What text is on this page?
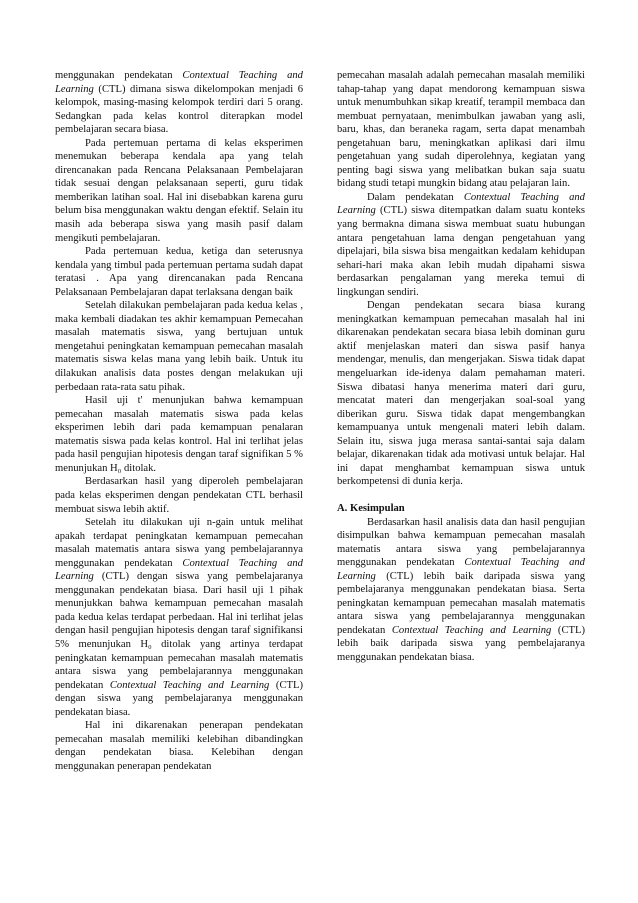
menggunakan pendekatan Contextual Teaching and Learning (CTL) dimana siswa dikelompokan menjadi 6 kelompok, masing-masing kelompok terdiri dari 5 orang. Sedangkan pada kelas kontrol diterapkan model pembelajaran secara biasa.

Pada pertemuan pertama di kelas eksperimen menemukan beberapa kendala apa yang telah direncanakan pada Rencana Pelaksanaan Pembelajaran tidak sesuai dengan pelaksanaan seperti, guru tidak memberikan latihan soal. Hal ini disebabkan karena guru belum bisa menggunakan waktu dengan efektif. Selain itu masih ada beberapa siswa yang masih pasif dalam mengikuti pembelajaran.

Pada pertemuan kedua, ketiga dan seterusnya kendala yang timbul pada pertemuan pertama sudah dapat teratasi . Apa yang direncanakan pada Rencana Pelaksanaan Pembelajaran dapat terlaksana dengan baik

Setelah dilakukan pembelajaran pada kedua kelas , maka kembali diadakan tes akhir kemampuan Pemecahan masalah matematis siswa, yang bertujuan untuk mengetahui peningkatan kemampuan pemecahan masalah matematis siswa kelas mana yang lebih baik. Untuk itu dilakukan analisis data postes dengan melakukan uji perbedaan rata-rata satu pihak.

Hasil uji t' menunjukan bahwa kemampuan pemecahan masalah matematis siswa pada kelas eksperimen lebih dari pada kemampuan penalaran matematis siswa pada kelas kontrol. Hal ini terlihat jelas pada hasil pengujian hipotesis dengan taraf signifikan 5 % menunjukan H₀ ditolak.

Berdasarkan hasil yang diperoleh pembelajaran pada kelas eksperimen dengan pendekatan CTL berhasil membuat siswa lebih aktif.

Setelah itu dilakukan uji n-gain untuk melihat apakah terdapat peningkatan kemampuan pemecahan masalah matematis antara siswa yang pembelajarannya menggunakan pendekatan Contextual Teaching and Learning (CTL) dengan siswa yang pembelajaranya menggunakan pendekatan biasa. Dari hasil uji 1 pihak menunjukkan bahwa kemampuan pemecahan masalah pada kedua kelas terdapat perbedaan. Hal ini terlihat jelas dengan hasil pengujian hipotesis dengan taraf signifikansi 5% menunjukan H₀ ditolak yang artinya terdapat peningkatan kemampuan pemecahan masalah matematis antara siswa yang pembelajarannya menggunakan pendekatan Contextual Teaching and Learning (CTL) dengan siswa yang pembelajaranya menggunakan pendekatan biasa.

Hal ini dikarenakan penerapan pendekatan pemecahan masalah memiliki kelebihan dibandingkan dengan pendekatan biasa. Kelebihan dengan menggunakan penerapan pendekatan

pemecahan masalah adalah pemecahan masalah memiliki tahap-tahap yang dapat mendorong kemampuan siswa untuk menumbuhkan sikap kreatif, terampil membaca dan membuat pernyataan, menimbulkan jawaban yang asli, baru, khas, dan beraneka ragam, serta dapat menambah pengetahuan baru, meningkatkan aplikasi dari ilmu pengetahuan yang sudah diperolehnya, kegiatan yang penting bagi siswa yang melibatkan bukan saja suatu bidang studi tetapi mungkin bidang atau pelajaran lain.

Dalam pendekatan Contextual Teaching and Learning (CTL) siswa ditempatkan dalam suatu konteks yang bermakna dimana siswa membuat suatu hubungan antara pengetahuan lama dengan pengetahuan yang dipelajari, bila siswa bisa mengaitkan kedalam kehidupan sehari-hari maka akan lebih mudah dipahami siswa berdasarkan pengalaman yang mereka temui di lingkungan sendiri.

Dengan pendekatan secara biasa kurang meningkatkan kemampuan pemecahan masalah hal ini dikarenakan pendekatan secara biasa lebih dominan guru aktif menjelaskan materi dan siswa pasif hanya mendengar, menulis, dan mengerjakan. Siswa tidak dapat mengeluarkan ide-idenya dalam pemahaman materi. Siswa dibatasi hanya menerima materi dari guru, mencatat materi dan mengerjakan soal-soal yang diberikan guru. Siswa tidak dapat mengembangkan kemampuanya untuk mengenali materi lebih dalam. Selain itu, siswa juga merasa santai-santai saja dalam belajar, dikarenakan tidak ada motivasi untuk belajar. Hal ini dapat menghambat kemampuan siswa untuk berkompetensi di dunia kerja.

A. Kesimpulan

Berdasarkan hasil analisis data dan hasil pengujian disimpulkan bahwa kemampuan pemecahan masalah matematis antara siswa yang pembelajarannya menggunakan pendekatan Contextual Teaching and Learning (CTL) lebih baik daripada siswa yang pembelajaranya menggunakan pendekatan biasa. Serta peningkatan kemampuan pemecahan masalah matematis antara siswa yang pembelajarannya menggunakan pendekatan Contextual Teaching and Learning (CTL) lebih baik daripada siswa yang pembelajaranya menggunakan pendekatan biasa.
